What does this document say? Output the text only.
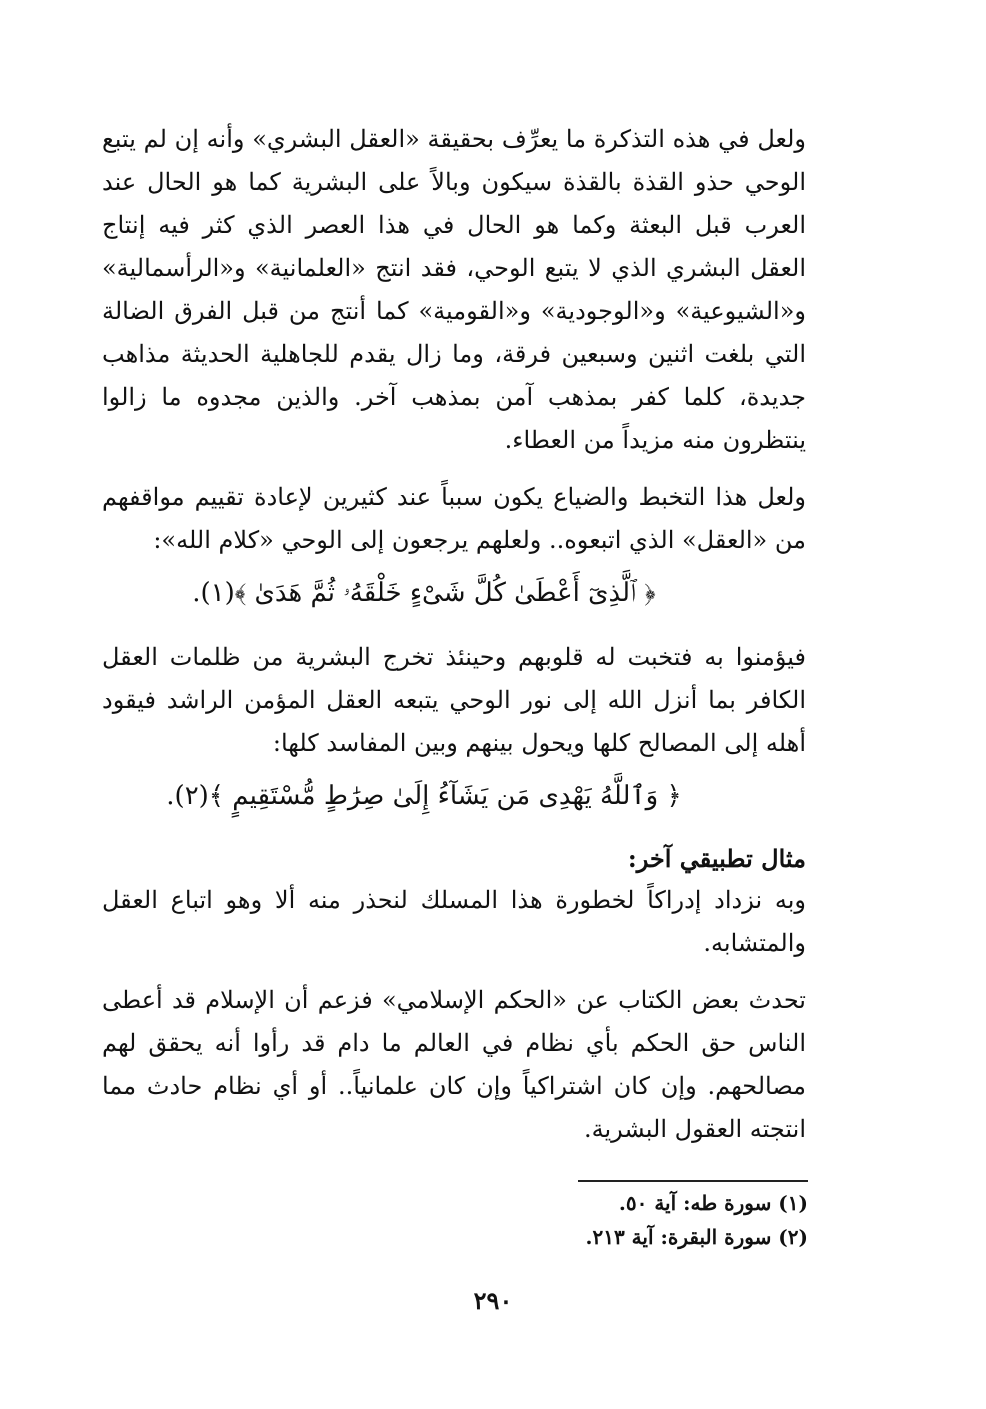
ولعل في هذه التذكرة ما يعرِّف بحقيقة «العقل البشري» وأنه إن لم يتبع الوحي حذو القذة بالقذة سيكون وبالاً على البشرية كما هو الحال عند العرب قبل البعثة وكما هو الحال في هذا العصر الذي كثر فيه إنتاج العقل البشري الذي لا يتبع الوحي، فقد انتج «العلمانية» و«الرأسمالية» و«الشيوعية» و«الوجودية» و«القومية» كما أنتج من قبل الفرق الضالة التي بلغت اثنين وسبعين فرقة، وما زال يقدم للجاهلية الحديثة مذاهب جديدة، كلما كفر بمذهب آمن بمذهب آخر. والذين مجدوه ما زالوا ينتظرون منه مزيداً من العطاء.

ولعل هذا التخبط والضياع يكون سبباً عند كثيرين لإعادة تقييم مواقفهم من «العقل» الذي اتبعوه.. ولعلهم يرجعون إلى الوحي «كلام الله»:

﴿ ٱلَّذِىٓ أَعْطَىٰ كُلَّ شَىْءٍ خَلْقَهُۥ ثُمَّ هَدَىٰ ﴾(١).

فيؤمنوا به فتخبت له قلوبهم وحينئذ تخرج البشرية من ظلمات العقل الكافر بما أنزل الله إلى نور الوحي يتبعه العقل المؤمن الراشد فيقود أهله إلى المصالح كلها ويحول بينهم وبين المفاسد كلها:

﴿ وَٱللَّهُ يَهْدِى مَن يَشَآءُ إِلَىٰ صِرَٰطٍ مُّسْتَقِيمٍ ﴾(٢).

مثال تطبيقي آخر:

وبه نزداد إدراكاً لخطورة هذا المسلك لنحذر منه ألا وهو اتباع العقل والمتشابه.

تحدث بعض الكتاب عن «الحكم الإسلامي» فزعم أن الإسلام قد أعطى الناس حق الحكم بأي نظام في العالم ما دام قد رأوا أنه يحقق لهم مصالحهم. وإن كان اشتراكياً وإن كان علمانياً.. أو أي نظام حادث مما انتجته العقول البشرية.

(١) سورة طه: آية ٥٠.

(٢) سورة البقرة: آية ٢١٣.

٢٩٠
